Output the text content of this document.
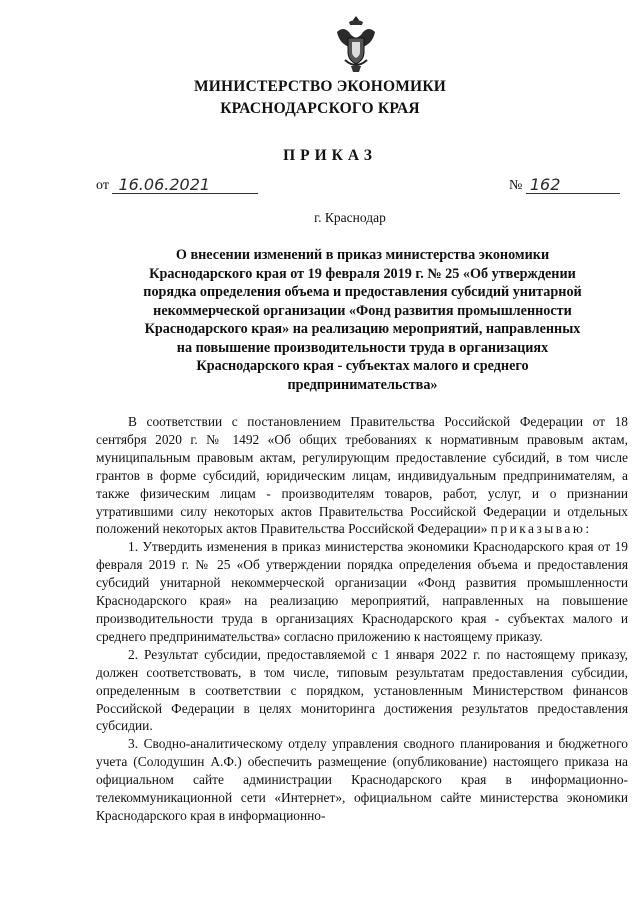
МИНИСТЕРСТВО ЭКОНОМИКИ
КРАСНОДАРСКОГО КРАЯ
ПРИКАЗ
от 16.06.2021	№ 162
г. Краснодар
О внесении изменений в приказ министерства экономики
Краснодарского края от 19 февраля 2019 г. № 25 «Об утверждении
порядка определения объема и предоставления субсидий унитарной
некоммерческой организации «Фонд развития промышленности
Краснодарского края» на реализацию мероприятий, направленных
на повышение производительности труда в организациях
Краснодарского края - субъектах малого и среднего
предпринимательства»

В соответствии с постановлением Правительства Российской Федерации от 18 сентября 2020 г. № 1492 «Об общих требованиях к нормативным правовым актам, муниципальным правовым актам, регулирующим предоставление субсидий, в том числе грантов в форме субсидий, юридическим лицам, индивидуальным предпринимателям, а также физическим лицам - производителям товаров, работ, услуг, и о признании утратившими силу некоторых актов Правительства Российской Федерации и отдельных положений некоторых актов Правительства Российской Федерации» приказываю:

1. Утвердить изменения в приказ министерства экономики Краснодарского края от 19 февраля 2019 г. № 25 «Об утверждении порядка определения объема и предоставления субсидий унитарной некоммерческой организации «Фонд развития промышленности Краснодарского края» на реализацию мероприятий, направленных на повышение производительности труда в организациях Краснодарского края - субъектах малого и среднего предпринимательства» согласно приложению к настоящему приказу.

2. Результат субсидии, предоставляемой с 1 января 2022 г. по настоящему приказу, должен соответствовать, в том числе, типовым результатам предоставления субсидии, определенным в соответствии с порядком, установленным Министерством финансов Российской Федерации в целях мониторинга достижения результатов предоставления субсидии.

3. Сводно-аналитическому отделу управления сводного планирования и бюджетного учета (Солодушин А.Ф.) обеспечить размещение (опубликование) настоящего приказа на официальном сайте администрации Краснодарского края в информационно-телекоммуникационной сети «Интернет», официальном сайте министерства экономики Краснодарского края в информационно-
